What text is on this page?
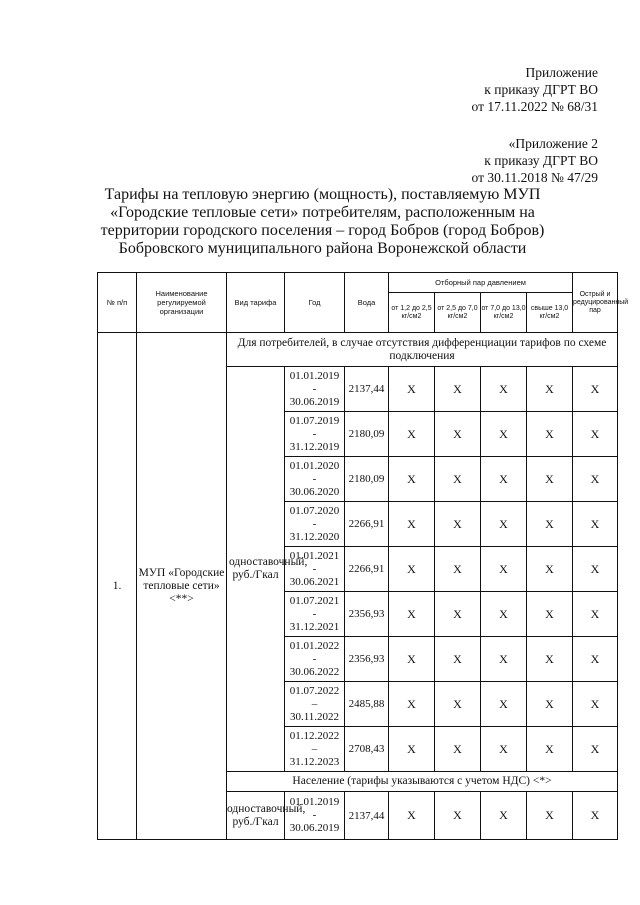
Приложение
к приказу ДГРТ ВО
от 17.11.2022 № 68/31
«Приложение 2
к приказу ДГРТ ВО
от 30.11.2018 № 47/29
Тарифы на тепловую энергию (мощность), поставляемую МУП «Городские тепловые сети» потребителям, расположенным на территории городского поселения – город Бобров (город Бобров) Бобровского муниципального района Воронежской области
№ п/п	Наименование регулируемой организации	Вид тарифа	Год	Вода	Отборный пар давлением				Острый и редуцированный пар
					от 1,2 до 2,5 кг/см2	от 2,5 до 7,0 кг/см2	от 7,0 до 13,0 кг/см2	свыше 13,0 кг/см2	
1.	МУП «Городские тепловые сети» <**>	Для потребителей, в случае отсутствия дифференциации тарифов по схеме подключения							
		одноставочный, руб./Гкал	01.01.2019
-
30.06.2019	2137,44	X	X	X	X	X

			01.07.2019
-
31.12.2019	2180,09	X	X	X	X	X

			01.01.2020
-
30.06.2020	2180,09	X	X	X	X	X

			01.07.2020
-
31.12.2020	2266,91	X	X	X	X	X

			01.01.2021
-
30.06.2021	2266,91	X	X	X	X	X

			01.07.2021
-
31.12.2021	2356,93	X	X	X	X	X

			01.01.2022
-
30.06.2022	2356,93	X	X	X	X	X

			01.07.2022
–
30.11.2022	2485,88	X	X	X	X	X

			01.12.2022
–
31.12.2023	2708,43	X	X	X	X	X
		Население (тарифы указываются с учетом НДС) <*>							
		одноставочный, руб./Гкал	01.01.2019
-
30.06.2019	2137,44	X	X	X	X	X
